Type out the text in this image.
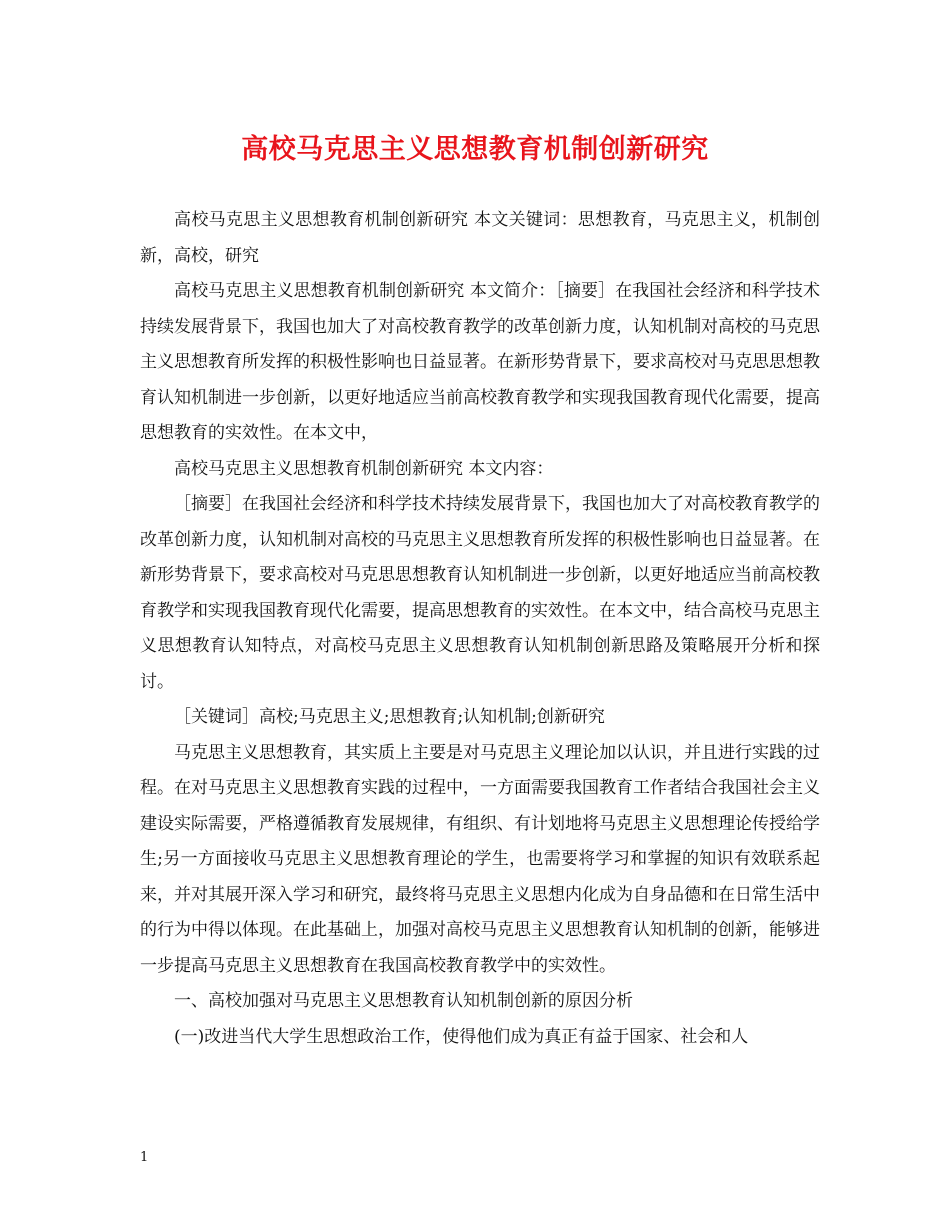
高校马克思主义思想教育机制创新研究

高校马克思主义思想教育机制创新研究 本文关键词：思想教育，马克思主义，机制创新，高校，研究

高校马克思主义思想教育机制创新研究 本文简介：［摘要］在我国社会经济和科学技术持续发展背景下，我国也加大了对高校教育教学的改革创新力度，认知机制对高校的马克思主义思想教育所发挥的积极性影响也日益显著。在新形势背景下，要求高校对马克思思想教育认知机制进一步创新，以更好地适应当前高校教育教学和实现我国教育现代化需要，提高思想教育的实效性。在本文中，

高校马克思主义思想教育机制创新研究 本文内容：

［摘要］在我国社会经济和科学技术持续发展背景下，我国也加大了对高校教育教学的改革创新力度，认知机制对高校的马克思主义思想教育所发挥的积极性影响也日益显著。在新形势背景下，要求高校对马克思思想教育认知机制进一步创新，以更好地适应当前高校教育教学和实现我国教育现代化需要，提高思想教育的实效性。在本文中，结合高校马克思主义思想教育认知特点，对高校马克思主义思想教育认知机制创新思路及策略展开分析和探讨。

［关键词］高校;马克思主义;思想教育;认知机制;创新研究

马克思主义思想教育，其实质上主要是对马克思主义理论加以认识，并且进行实践的过程。在对马克思主义思想教育实践的过程中，一方面需要我国教育工作者结合我国社会主义建设实际需要，严格遵循教育发展规律，有组织、有计划地将马克思主义思想理论传授给学生;另一方面接收马克思主义思想教育理论的学生，也需要将学习和掌握的知识有效联系起来，并对其展开深入学习和研究，最终将马克思主义思想内化成为自身品德和在日常生活中的行为中得以体现。在此基础上，加强对高校马克思主义思想教育认知机制的创新，能够进一步提高马克思主义思想教育在我国高校教育教学中的实效性。

一、高校加强对马克思主义思想教育认知机制创新的原因分析

(一)改进当代大学生思想政治工作，使得他们成为真正有益于国家、社会和人

1
